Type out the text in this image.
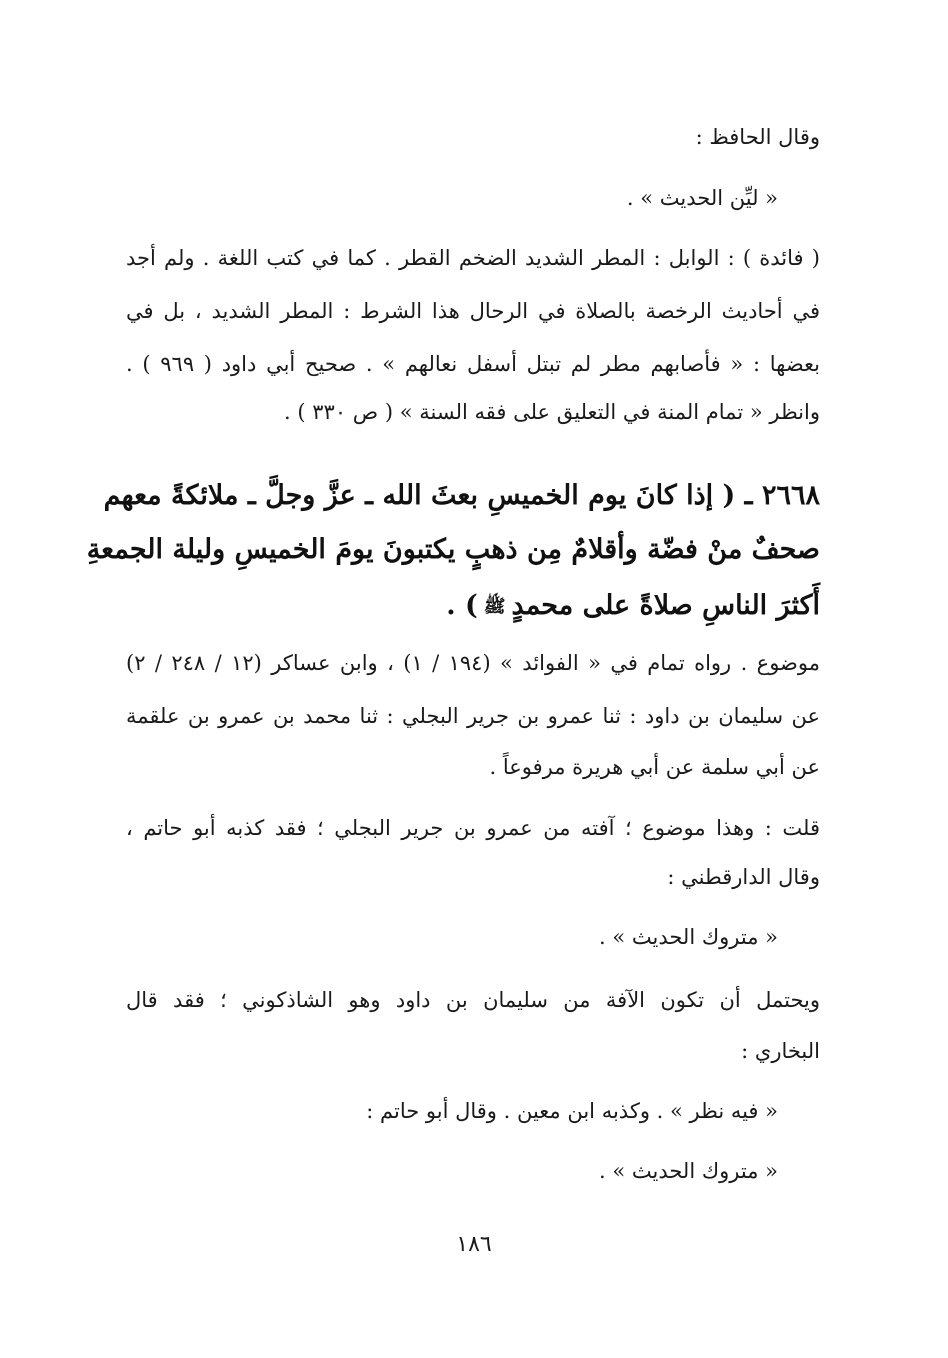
وقال الحافظ :
« ليِّن الحديث » .
( فائدة ) : الوابل : المطر الشديد الضخم القطر . كما في كتب اللغة . ولم أجد
في أحاديث الرخصة بالصلاة في الرحال هذا الشرط : المطر الشديد ، بل في
بعضها : « فأصابهم مطر لم تبتل أسفل نعالهم » . صحيح أبي داود ( ٩٦٩ ) .
وانظر « تمام المنة في التعليق على فقه السنة » ( ص ٣٣٠ ) .
٢٦٦٨ ـ ( إذا كانَ يوم الخميسِ بعثَ الله ـ عزَّ وجلَّ ـ ملائكةً معهم
صحفٌ منْ فضّة وأقلامٌ مِن ذهبٍ يكتبونَ يومَ الخميسِ وليلة الجمعةِ
أَكثرَ الناسِ صلاةً على محمدٍﷺ) .
موضوع . رواه تمام في « الفوائد » (١٩٤ / ١) ، وابن عساكر (١٢ / ٢٤٨ / ٢)
عن سليمان بن داود : ثنا عمرو بن جرير البجلي : ثنا محمد بن عمرو بن علقمة
عن أبي سلمة عن أبي هريرة مرفوعاً .
قلت : وهذا موضوع ؛ آفته من عمرو بن جرير البجلي ؛ فقد كذبه أبو حاتم ،
وقال الدارقطني :
« متروك الحديث » .
ويحتمل أن تكون الآفة من سليمان بن داود وهو الشاذكوني ؛ فقد قال
البخاري :
« فيه نظر » . وكذبه ابن معين . وقال أبو حاتم :
« متروك الحديث » .
١٨٦
